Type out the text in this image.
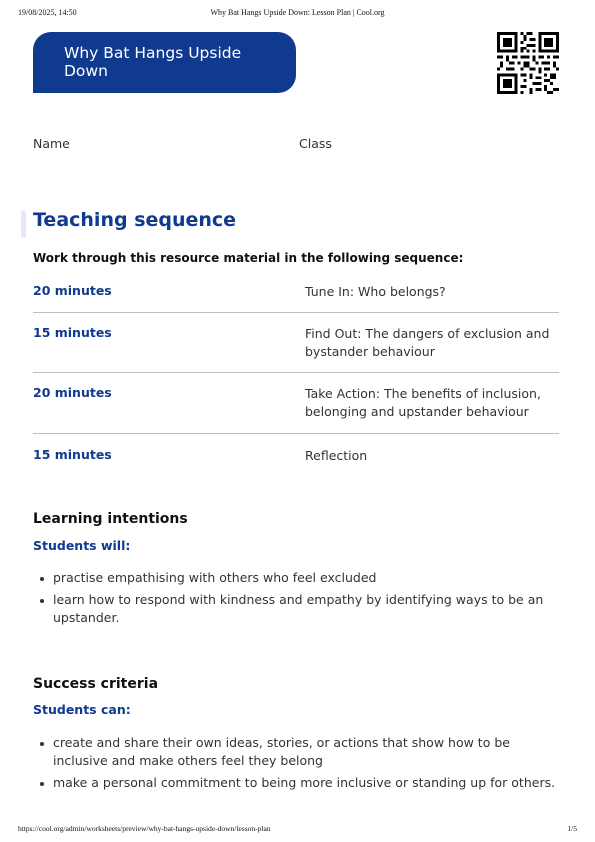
19/08/2025, 14:50	Why Bat Hangs Upside Down: Lesson Plan | Cool.org
Why Bat Hangs Upside Down
Name	Class
Teaching sequence

Work through this resource material in the following sequence:

20 minutes	Tune In: Who belongs?
15 minutes	Find Out: The dangers of exclusion and bystander behaviour
20 minutes	Take Action: The benefits of inclusion, belonging and upstander behaviour
15 minutes	Reflection
Learning intentions
Students will:
practise empathising with others who feel excluded
learn how to respond with kindness and empathy by identifying ways to be an upstander.
Success criteria
Students can:
create and share their own ideas, stories, or actions that show how to be inclusive and make others feel they belong
make a personal commitment to being more inclusive or standing up for others.
https://cool.org/admin/worksheets/preview/why-bat-hangs-upside-down/lesson-plan	1/5
